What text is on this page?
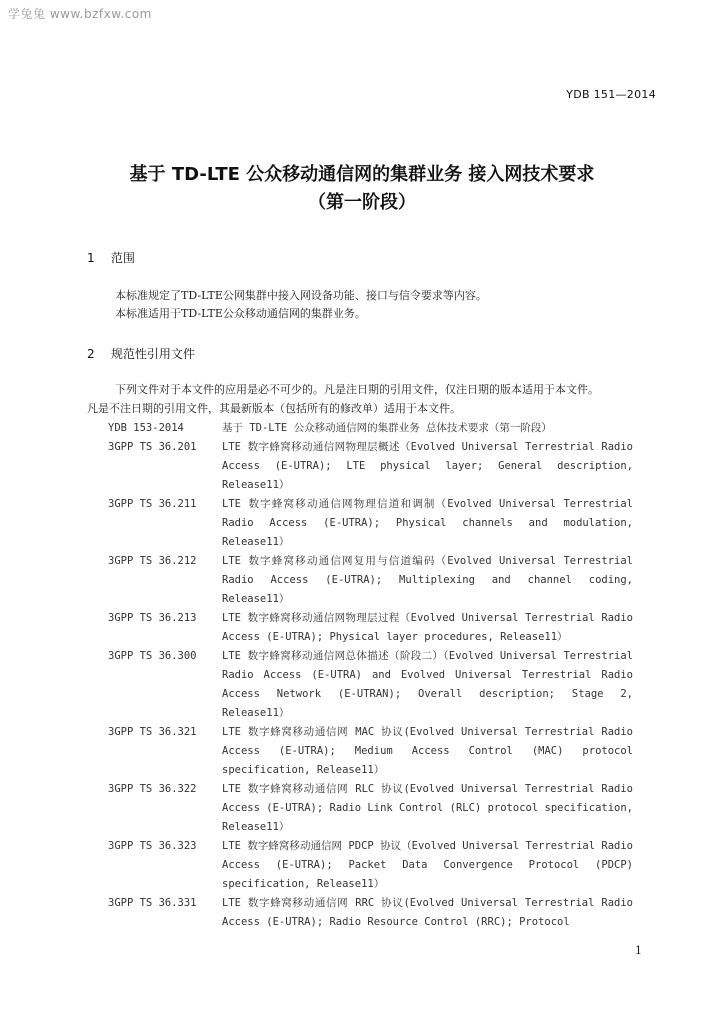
学兔兔 www.bzfxw.com
YDB 151—2014
基于 TD-LTE 公众移动通信网的集群业务 接入网技术要求
（第一阶段）
1 范围
本标准规定了TD-LTE公网集群中接入网设备功能、接口与信令要求等内容。
本标准适用于TD-LTE公众移动通信网的集群业务。
2 规范性引用文件
下列文件对于本文件的应用是必不可少的。凡是注日期的引用文件，仅注日期的版本适用于本文件。
凡是不注日期的引用文件，其最新版本（包括所有的修改单）适用于本文件。
YDB 153-2014	基于 TD-LTE 公众移动通信网的集群业务 总体技术要求（第一阶段）
3GPP TS 36.201	LTE 数字蜂窝移动通信网物理层概述（Evolved Universal Terrestrial Radio Access (E-UTRA); LTE physical layer; General description, Release11）
3GPP TS 36.211	LTE 数字蜂窝移动通信网物理信道和调制（Evolved Universal Terrestrial Radio Access (E-UTRA); Physical channels and modulation, Release11）
3GPP TS 36.212	LTE 数字蜂窝移动通信网复用与信道编码（Evolved Universal Terrestrial Radio Access (E-UTRA); Multiplexing and channel coding, Release11）
3GPP TS 36.213	LTE 数字蜂窝移动通信网物理层过程（Evolved Universal Terrestrial Radio Access (E-UTRA); Physical layer procedures, Release11）
3GPP TS 36.300	LTE 数字蜂窝移动通信网总体描述（阶段二）（Evolved Universal Terrestrial Radio Access (E-UTRA) and Evolved Universal Terrestrial Radio Access Network (E-UTRAN); Overall description; Stage 2, Release11）
3GPP TS 36.321	LTE 数字蜂窝移动通信网 MAC 协议(Evolved Universal Terrestrial Radio Access (E-UTRA); Medium Access Control (MAC) protocol specification, Release11）
3GPP TS 36.322	LTE 数字蜂窝移动通信网 RLC 协议(Evolved Universal Terrestrial Radio Access (E-UTRA); Radio Link Control (RLC) protocol specification, Release11）
3GPP TS 36.323	LTE 数字蜂窝移动通信网 PDCP 协议（Evolved Universal Terrestrial Radio Access (E-UTRA); Packet Data Convergence Protocol (PDCP) specification, Release11）
3GPP TS 36.331	LTE 数字蜂窝移动通信网 RRC 协议(Evolved Universal Terrestrial Radio Access (E-UTRA); Radio Resource Control (RRC); Protocol
1
